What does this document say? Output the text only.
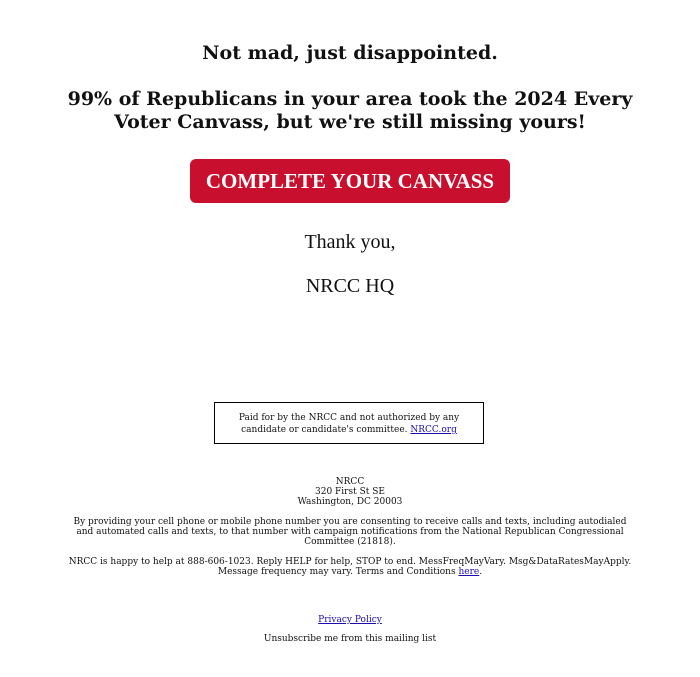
Not mad, just disappointed.

99% of Republicans in your area took the 2024 Every Voter Canvass, but we're still missing yours!

COMPLETE YOUR CANVASS

Thank you,

NRCC HQ

Paid for by the NRCC and not authorized by any candidate or candidate's committee. NRCC.org
NRCC
320 First St SE
Washington, DC 20003

By providing your cell phone or mobile phone number you are consenting to receive calls and texts, including autodialed and automated calls and texts, to that number with campaign notifications from the National Republican Congressional Committee (21818).

NRCC is happy to help at 888-606-1023. Reply HELP for help, STOP to end. MessFreqMayVary. Msg&DataRatesMayApply. Message frequency may vary. Terms and Conditions here.

Privacy Policy
Unsubscribe me from this mailing list
